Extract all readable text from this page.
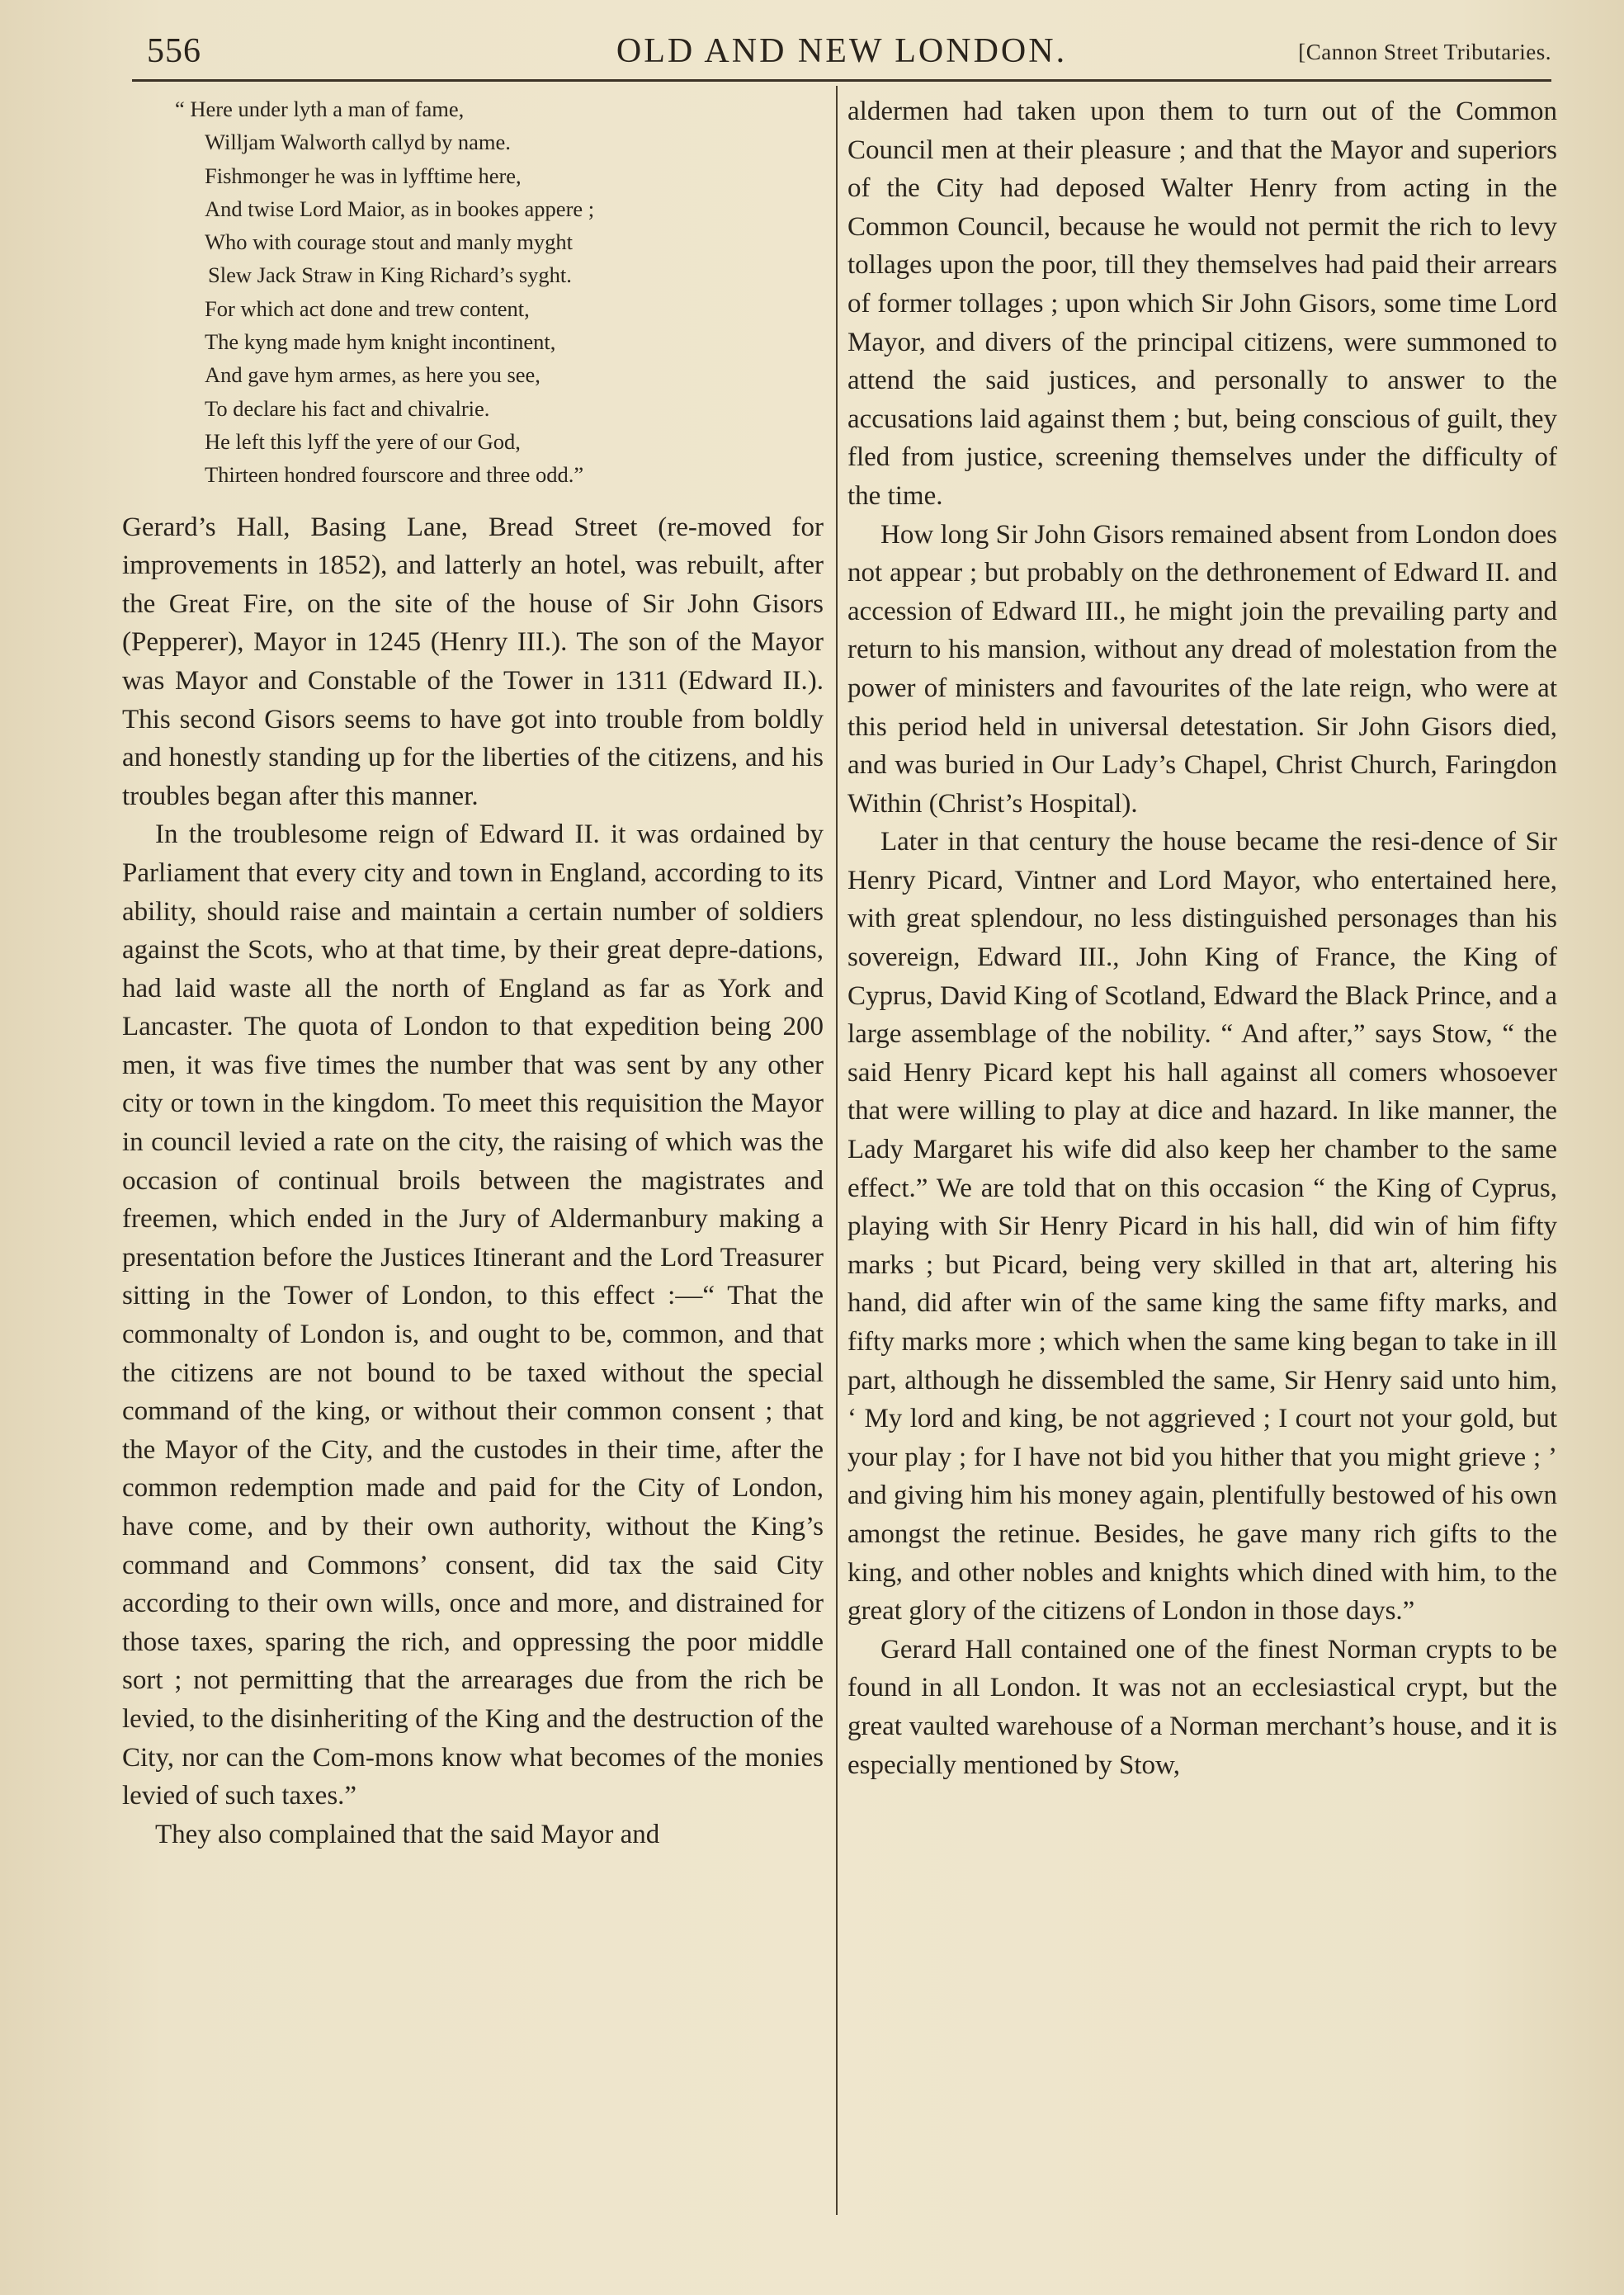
556	OLD AND NEW LONDON.	[Cannon Street Tributaries.
“ Here under lyth a man of fame,
Willjam Walworth callyd by name.
Fishmonger he was in lyfftime here,
And twise Lord Maior, as in bookes appere ;
Who with courage stout and manly myght
Slew Jack Straw in King Richard’s syght.
For which act done and trew content,
The kyng made hym knight incontinent,
And gave hym armes, as here you see,
To declare his fact and chivalrie.
He left this lyff the yere of our God,
Thirteen hondred fourscore and three odd.”

Gerard’s Hall, Basing Lane, Bread Street (re-moved for improvements in 1852), and latterly an hotel, was rebuilt, after the Great Fire, on the site of the house of Sir John Gisors (Pepperer), Mayor in 1245 (Henry III.). The son of the Mayor was Mayor and Constable of the Tower in 1311 (Edward II.). This second Gisors seems to have got into trouble from boldly and honestly standing up for the liberties of the citizens, and his troubles began after this manner.

In the troublesome reign of Edward II. it was ordained by Parliament that every city and town in England, according to its ability, should raise and maintain a certain number of soldiers against the Scots, who at that time, by their great depre-dations, had laid waste all the north of England as far as York and Lancaster. The quota of London to that expedition being 200 men, it was five times the number that was sent by any other city or town in the kingdom. To meet this requisition the Mayor in council levied a rate on the city, the raising of which was the occasion of continual broils between the magistrates and freemen, which ended in the Jury of Aldermanbury making a presentation before the Justices Itinerant and the Lord Treasurer sitting in the Tower of London, to this effect :—“ That the commonalty of London is, and ought to be, common, and that the citizens are not bound to be taxed without the special command of the king, or without their common consent ; that the Mayor of the City, and the custodes in their time, after the common redemption made and paid for the City of London, have come, and by their own authority, without the King’s command and Commons’ consent, did tax the said City according to their own wills, once and more, and distrained for those taxes, sparing the rich, and oppressing the poor middle sort ; not permitting that the arrearages due from the rich be levied, to the disinheriting of the King and the destruction of the City, nor can the Com-mons know what becomes of the monies levied of such taxes.”

They also complained that the said Mayor and

aldermen had taken upon them to turn out of the Common Council men at their pleasure ; and that the Mayor and superiors of the City had deposed Walter Henry from acting in the Common Council, because he would not permit the rich to levy tollages upon the poor, till they themselves had paid their arrears of former tollages ; upon which Sir John Gisors, some time Lord Mayor, and divers of the principal citizens, were summoned to attend the said justices, and personally to answer to the accusations laid against them ; but, being conscious of guilt, they fled from justice, screening themselves under the difficulty of the time.

How long Sir John Gisors remained absent from London does not appear ; but probably on the dethronement of Edward II. and accession of Edward III., he might join the prevailing party and return to his mansion, without any dread of molestation from the power of ministers and favourites of the late reign, who were at this period held in universal detestation. Sir John Gisors died, and was buried in Our Lady’s Chapel, Christ Church, Faringdon Within (Christ’s Hospital).

Later in that century the house became the resi-dence of Sir Henry Picard, Vintner and Lord Mayor, who entertained here, with great splendour, no less distinguished personages than his sovereign, Edward III., John King of France, the King of Cyprus, David King of Scotland, Edward the Black Prince, and a large assemblage of the nobility. “ And after,” says Stow, “ the said Henry Picard kept his hall against all comers whosoever that were willing to play at dice and hazard. In like manner, the Lady Margaret his wife did also keep her chamber to the same effect.” We are told that on this occasion “ the King of Cyprus, playing with Sir Henry Picard in his hall, did win of him fifty marks ; but Picard, being very skilled in that art, altering his hand, did after win of the same king the same fifty marks, and fifty marks more ; which when the same king began to take in ill part, although he dissembled the same, Sir Henry said unto him, ‘ My lord and king, be not aggrieved ; I court not your gold, but your play ; for I have not bid you hither that you might grieve ; ’ and giving him his money again, plentifully bestowed of his own amongst the retinue. Besides, he gave many rich gifts to the king, and other nobles and knights which dined with him, to the great glory of the citizens of London in those days.”

Gerard Hall contained one of the finest Norman crypts to be found in all London. It was not an ecclesiastical crypt, but the great vaulted warehouse of a Norman merchant’s house, and it is especially mentioned by Stow,
